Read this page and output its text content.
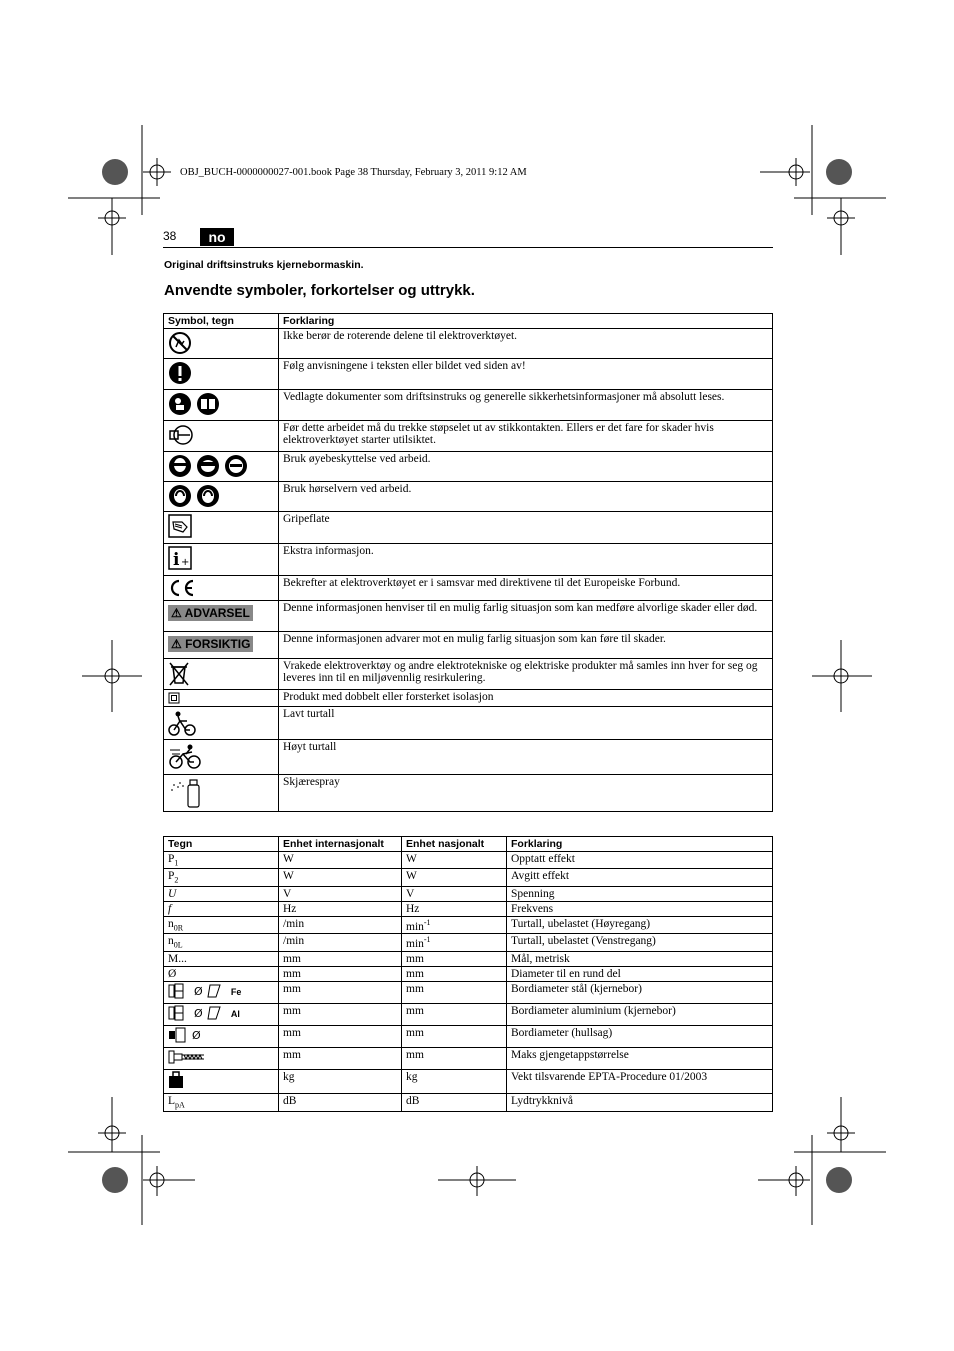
OBJ_BUCH-0000000027-001.book Page 38 Thursday, February 3, 2011 9:12 AM
38	no
Original driftsinstruks kjernebormaskin.
Anvendte symboler, forkortelser og uttrykk.
Symbol, tegn	Forklaring
	Ikke berør de roterende delene til elektroverktøyet.
	Følg anvisningene i teksten eller bildet ved siden av!
	Vedlagte dokumenter som driftsinstruks og generelle sikkerhetsinformasjoner må absolutt leses.
	Før dette arbeidet må du trekke støpselet ut av stikkontakten. Ellers er det fare for skader hvis elektroverktøyet starter utilsiktet.
	Bruk øyebeskyttelse ved arbeid.
	Bruk hørselvern ved arbeid.
	Gripeflate

i +	Ekstra informasjon.
	Bekrefter at elektroverktøyet er i samsvar med direktivene til det Europeiske Forbund.
⚠ ADVARSEL	Denne informasjonen henviser til en mulig farlig situasjon som kan medføre alvorlige skader eller død.
⚠ FORSIKTIG	Denne informasjonen advarer mot en mulig farlig situasjon som kan føre til skader.
	Vrakede elektroverktøy og andre elektrotekniske og elektriske produkter må samles inn hver for seg og leveres inn til en miljøvennlig resirkulering.
	Produkt med dobbelt eller forsterket isolasjon
	Lavt turtall
	Høyt turtall
	Skjærespray
Tegn	Enhet internasjonalt	Enhet nasjonalt	Forklaring
$P_1$	W	W	Opptatt effekt
$P_2$	W	W	Avgitt effekt
U	V	V	Spenning
f	Hz	Hz	Frekvens
$n_{0R}$	/min	$\min^{-1}$	Turtall, ubelastet (Høyregang)
$n_{0L}$	/min	$\min^{-1}$	Turtall, ubelastet (Venstregang)
M...	mm	mm	Mål, metrisk
Ø	mm	mm	Diameter til en rund del

Ø Fe	mm	mm	Bordiameter stål (kjernebor)

Ø Al	mm	mm	Bordiameter aluminium (kjernebor)

Ø	mm	mm	Bordiameter (hullsag)
	mm	mm	Maks gjengetappstørrelse
	kg	kg	Vekt tilsvarende EPTA-Procedure 01/2003
$L_{pA}$	dB	dB	Lydtrykknivå
